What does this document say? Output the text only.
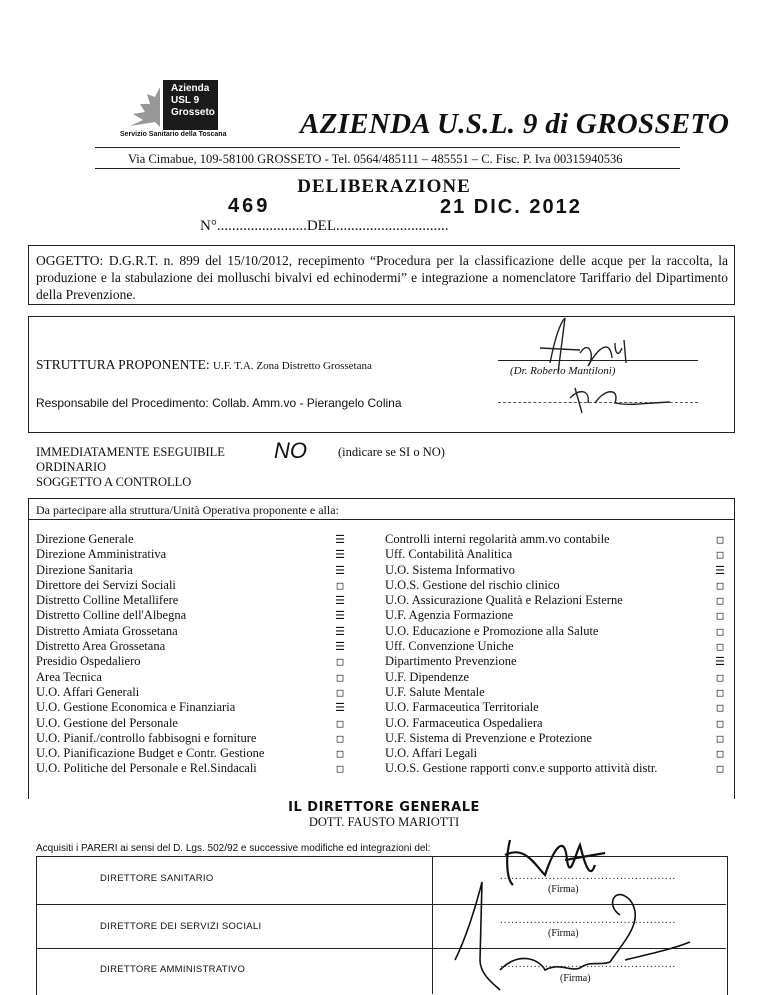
Azienda
USL 9
Grosseto
Servizio Sanitario della Toscana	AZIENDA U.S.L. 9 di GROSSETO
Via Cimabue, 109-58100 GROSSETO - Tel. 0564/485111 – 485551 – C. Fisc. P. Iva 00315940536
DELIBERAZIONE
469	21 DIC. 2012
N°........................DEL..............................
OGGETTO: D.G.R.T. n. 899 del 15/10/2012, recepimento “Procedura per la classificazione delle acque per la raccolta, la produzione e la stabulazione dei molluschi bivalvi ed echinodermi” e integrazione a nomenclatore Tariffario del Dipartimento della Prevenzione.
STRUTTURA PROPONENTE: U.F. T.A. Zona Distretto Grossetana
Responsabile del Procedimento: Collab. Amm.vo - Pierangelo Colina
(Dr. Roberto Mantiloni)
IMMEDIATAMENTE ESEGUIBILE
ORDINARIO
SOGGETTO A CONTROLLO
NO (indicare se SI o NO)
Da partecipare alla struttura/Unità Operativa proponente e alla:
Direzione Generale
Direzione Amministrativa
Direzione Sanitaria
Direttore dei Servizi Sociali
Distretto Colline Metallifere
Distretto Colline dell'Albegna
Distretto Amiata Grossetana
Distretto Area Grossetana
Presidio Ospedaliero
Area Tecnica
U.O. Affari Generali
U.O. Gestione Economica e Finanziaria
U.O. Gestione del Personale
U.O. Pianif./controllo fabbisogni e forniture
U.O. Pianificazione Budget e Contr. Gestione
U.O. Politiche del Personale e Rel.Sindacali
☰
☰
☰
□
☰
☰
☰
☰
□
□
□
☰
□
□
□
□
Controlli interni regolarità amm.vo contabile
Uff. Contabilità Analitica
U.O. Sistema Informativo
U.O.S. Gestione del rischio clinico
U.O. Assicurazione Qualità e Relazioni Esterne
U.F. Agenzia Formazione
U.O. Educazione e Promozione alla Salute
Uff. Convenzione Uniche
Dipartimento Prevenzione
U.F. Dipendenze
U.F. Salute Mentale
U.O. Farmaceutica Territoriale
U.O. Farmaceutica Ospedaliera
U.F. Sistema di Prevenzione e Protezione
U.O. Affari Legali
U.O.S. Gestione rapporti conv.e supporto attività distr.
□
□
☰
□
□
□
□
□
☰
□
□
□
□
□
□
□
IL DIRETTORE GENERALE
DOTT. FAUSTO MARIOTTI
Acquisiti i PARERI ai sensi del D. Lgs. 502/92 e successive modifiche ed integrazioni del:
DIRETTORE SANITARIO
DIRETTORE DEI SERVIZI SOCIALI
DIRETTORE AMMINISTRATIVO
...............................................
(Firma)
...............................................
(Firma)
...............................................
(Firma)
